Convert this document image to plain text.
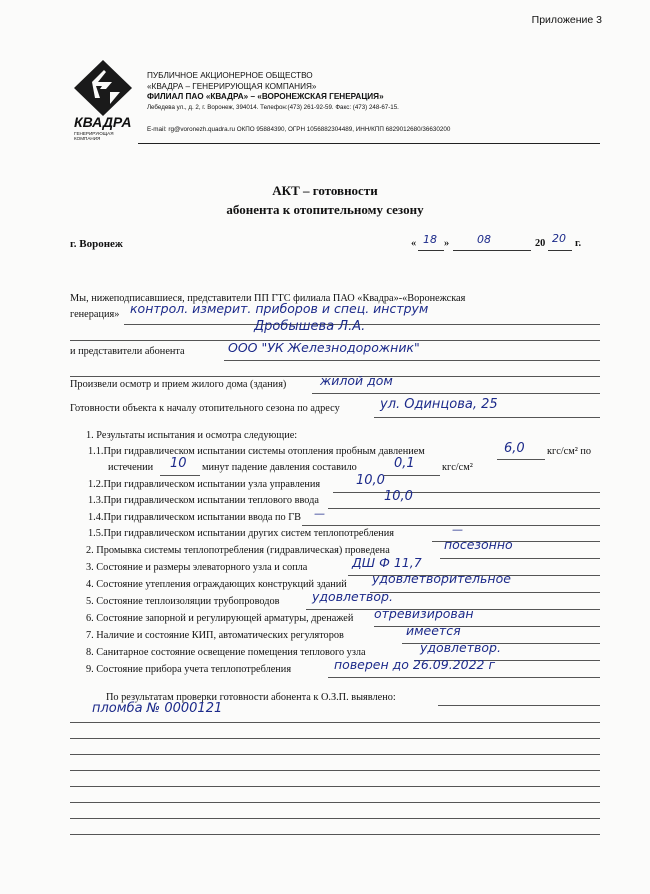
Приложение 3
КВАДРА
ГЕНЕРИРУЮЩАЯ КОМПАНИЯ
ПУБЛИЧНОЕ АКЦИОНЕРНОЕ ОБЩЕСТВО
«КВАДРА – ГЕНЕРИРУЮЩАЯ КОМПАНИЯ»
ФИЛИАЛ ПАО «КВАДРА» – «ВОРОНЕЖСКАЯ ГЕНЕРАЦИЯ»
Лебедева ул., д. 2, г. Воронеж, 394014. Телефон:(473) 261-92-59. Факс: (473) 248-67-15.
E-mail: rg@voronezh.quadra.ru ОКПО 95884390, ОГРН 1056882304489, ИНН/КПП 6829012680/36630200
АКТ – готовности
абонента к отопительному сезону
г. Воронеж	« 18 »	08	20 20 г.
Мы, нижеподписавшиеся, представители ПП ГТС филиала ПАО «Квадра»-«Воронежская
генерация» контрол. измерит. приборов и спец. инструм
Дробышева Л.А.
и представители абонента	ООО "УК Железнодорожник"
Произвели осмотр и прием жилого дома (здания)	жилой дом
Готовности объекта к началу отопительного сезона по адресу	ул. Одинцова, 25
1. Результаты испытания и осмотра следующие:
1.1.При гидравлическом испытании системы отопления пробным давлением	6,0 кгс/см² по
истечении 10 минут падение давления составило	0,1	кгс/см²
1.2.При гидравлическом испытании узла управления	10,0
1.3.При гидравлическом испытании теплового ввода	10,0
1.4.При гидравлическом испытании ввода по ГВ —
1.5.При гидравлическом испытании других систем теплопотребления	—
2. Промывка системы теплопотребления (гидравлическая) проведена	посезонно
3. Состояние и размеры элеваторного узла и сопла	ДШ Ф 11,7
4. Состояние утепления ограждающих конструкций зданий удовлетворительное
5. Состояние теплоизоляции трубопроводов	удовлетвор.
6. Состояние запорной и регулирующей арматуры, дренажей отревизирован
7. Наличие и состояние КИП, автоматических регуляторов	имеется
8. Санитарное состояние освещение помещения теплового узла	удовлетвор.
9. Состояние прибора учета теплопотребления	поверен до 26.09.2022 г
По результатам проверки готовности абонента к О.З.П. выявлено:
пломба № 0000121
